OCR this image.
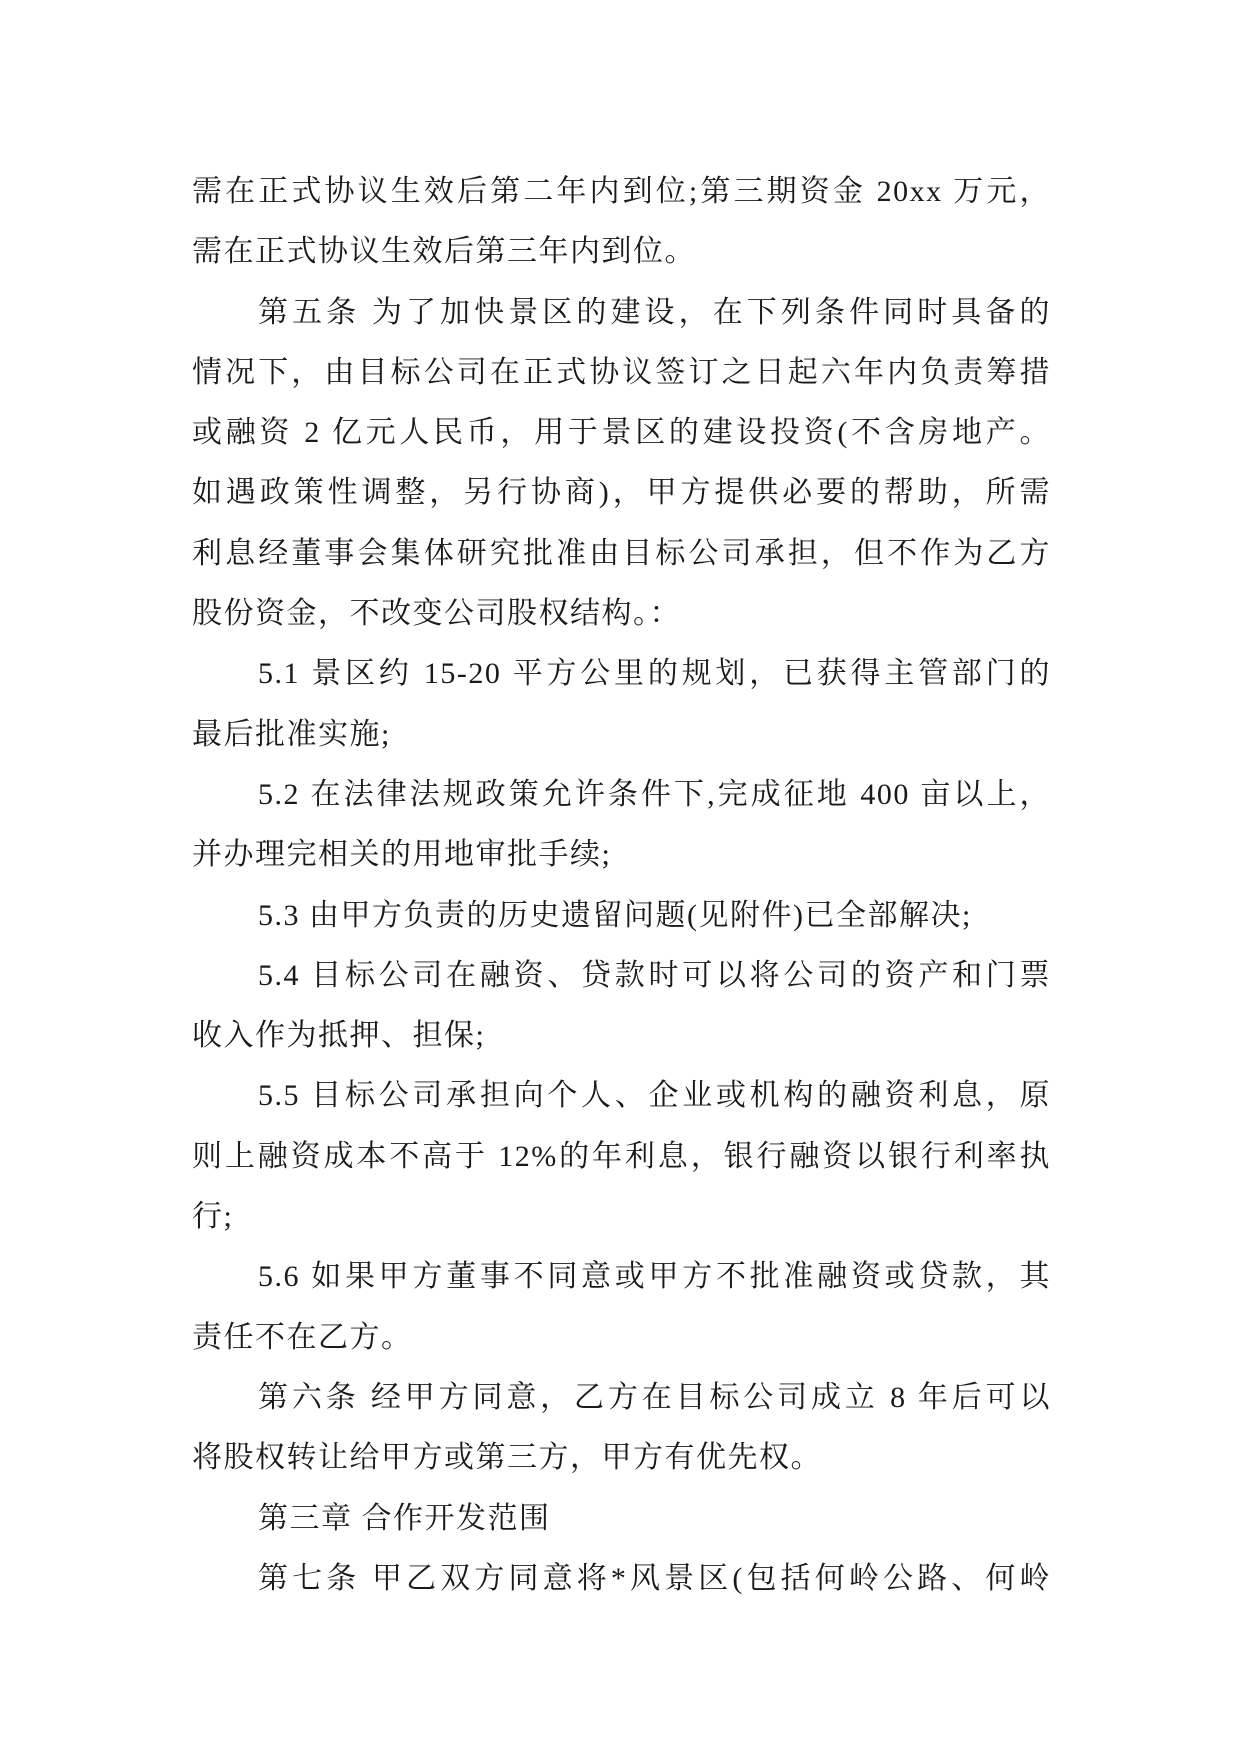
需在正式协议生效后第二年内到位;第三期资金 20xx 万元，
需在正式协议生效后第三年内到位。
第五条 为了加快景区的建设，在下列条件同时具备的
情况下，由目标公司在正式协议签订之日起六年内负责筹措
或融资 2 亿元人民币，用于景区的建设投资(不含房地产。
如遇政策性调整，另行协商)，甲方提供必要的帮助，所需
利息经董事会集体研究批准由目标公司承担，但不作为乙方
股份资金，不改变公司股权结构。：
5.1 景区约 15-20 平方公里的规划，已获得主管部门的
最后批准实施;
5.2 在法律法规政策允许条件下,完成征地 400 亩以上，
并办理完相关的用地审批手续;
5.3 由甲方负责的历史遗留问题(见附件)已全部解决;
5.4 目标公司在融资、贷款时可以将公司的资产和门票
收入作为抵押、担保;
5.5 目标公司承担向个人、企业或机构的融资利息，原
则上融资成本不高于 12%的年利息，银行融资以银行利率执
行;
5.6 如果甲方董事不同意或甲方不批准融资或贷款，其
责任不在乙方。
第六条 经甲方同意，乙方在目标公司成立 8 年后可以
将股权转让给甲方或第三方，甲方有优先权。
第三章 合作开发范围
第七条 甲乙双方同意将*风景区(包括何岭公路、何岭
